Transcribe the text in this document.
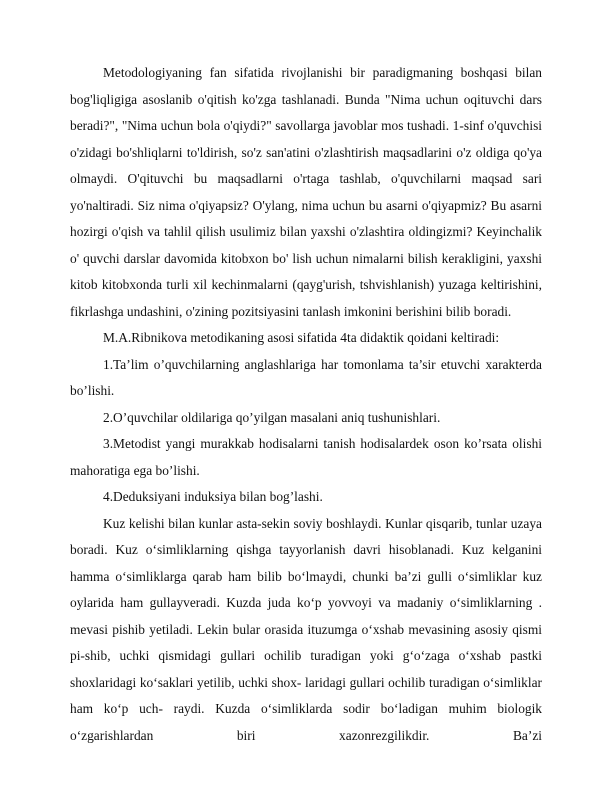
Metodologiyaning fan sifatida rivojlanishi bir paradigmaning boshqasi bilan bog'liqligiga asoslanib o'qitish ko'zga tashlanadi. Bunda "Nima uchun oqituvchi dars beradi?", "Nima uchun bola o'qiydi?" savollarga javoblar mos tushadi. 1-sinf o'quvchisi o'zidagi bo'shliqlarni to'ldirish, so'z san'atini o'zlashtirish maqsadlarini o'z oldiga qo'ya olmaydi. O'qituvchi bu maqsadlarni o'rtaga tashlab, o'quvchilarni maqsad sari yo'naltiradi. Siz nima o'qiyapsiz? O'ylang, nima uchun bu asarni o'qiyapmiz? Bu asarni hozirgi o'qish va tahlil qilish usulimiz bilan yaxshi o'zlashtira oldingizmi? Keyinchalik o' quvchi darslar davomida kitobxon bo' lish uchun nimalarni bilish kerakligini, yaxshi kitob kitobxonda turli xil kechinmalarni (qayg'urish, tshvishlanish) yuzaga keltirishini, fikrlashga undashini, o'zining pozitsiyasini tanlash imkonini berishini bilib boradi.

M.A.Ribnikova metodikaning asosi sifatida 4ta didaktik qoidani keltiradi:

1.Ta’lim o’quvchilarning anglashlariga har tomonlama ta’sir etuvchi xarakterda bo’lishi.

2.O’quvchilar oldilariga qo’yilgan masalani aniq tushunishlari.

3.Metodist yangi murakkab hodisalarni tanish hodisalardek oson ko’rsata olishi mahoratiga ega bo’lishi.

4.Deduksiyani induksiya bilan bog’lashi.

Kuz kelishi bilan kunlar asta-sekin soviy boshlaydi. Kunlar qisqarib, tunlar uzaya boradi. Kuz o‘simliklarning qishga tayyorlanish davri hisoblanadi. Kuz kelganini hamma o‘simliklarga qarab ham bilib bo‘lmaydi, chunki ba’zi gulli o‘simliklar kuz oylarida ham gullayveradi. Kuzda juda ko‘p yovvoyi va madaniy o‘simliklarning . mevasi pishib yetiladi. Lekin bular orasida ituzumga o‘xshab mevasining asosiy qismi pi-shib, uchki qismidagi gullari ochilib turadigan yoki g‘o‘zaga o‘xshab pastki shoxlaridagi ko‘saklari yetilib, uchki shox- laridagi gullari ochilib turadigan o‘simliklar ham ko‘p uch- raydi. Kuzda o‘simliklarda sodir bo‘ladigan muhim biologik o‘zgarishlardan biri xazonrezgilikdir. Ba’zi
